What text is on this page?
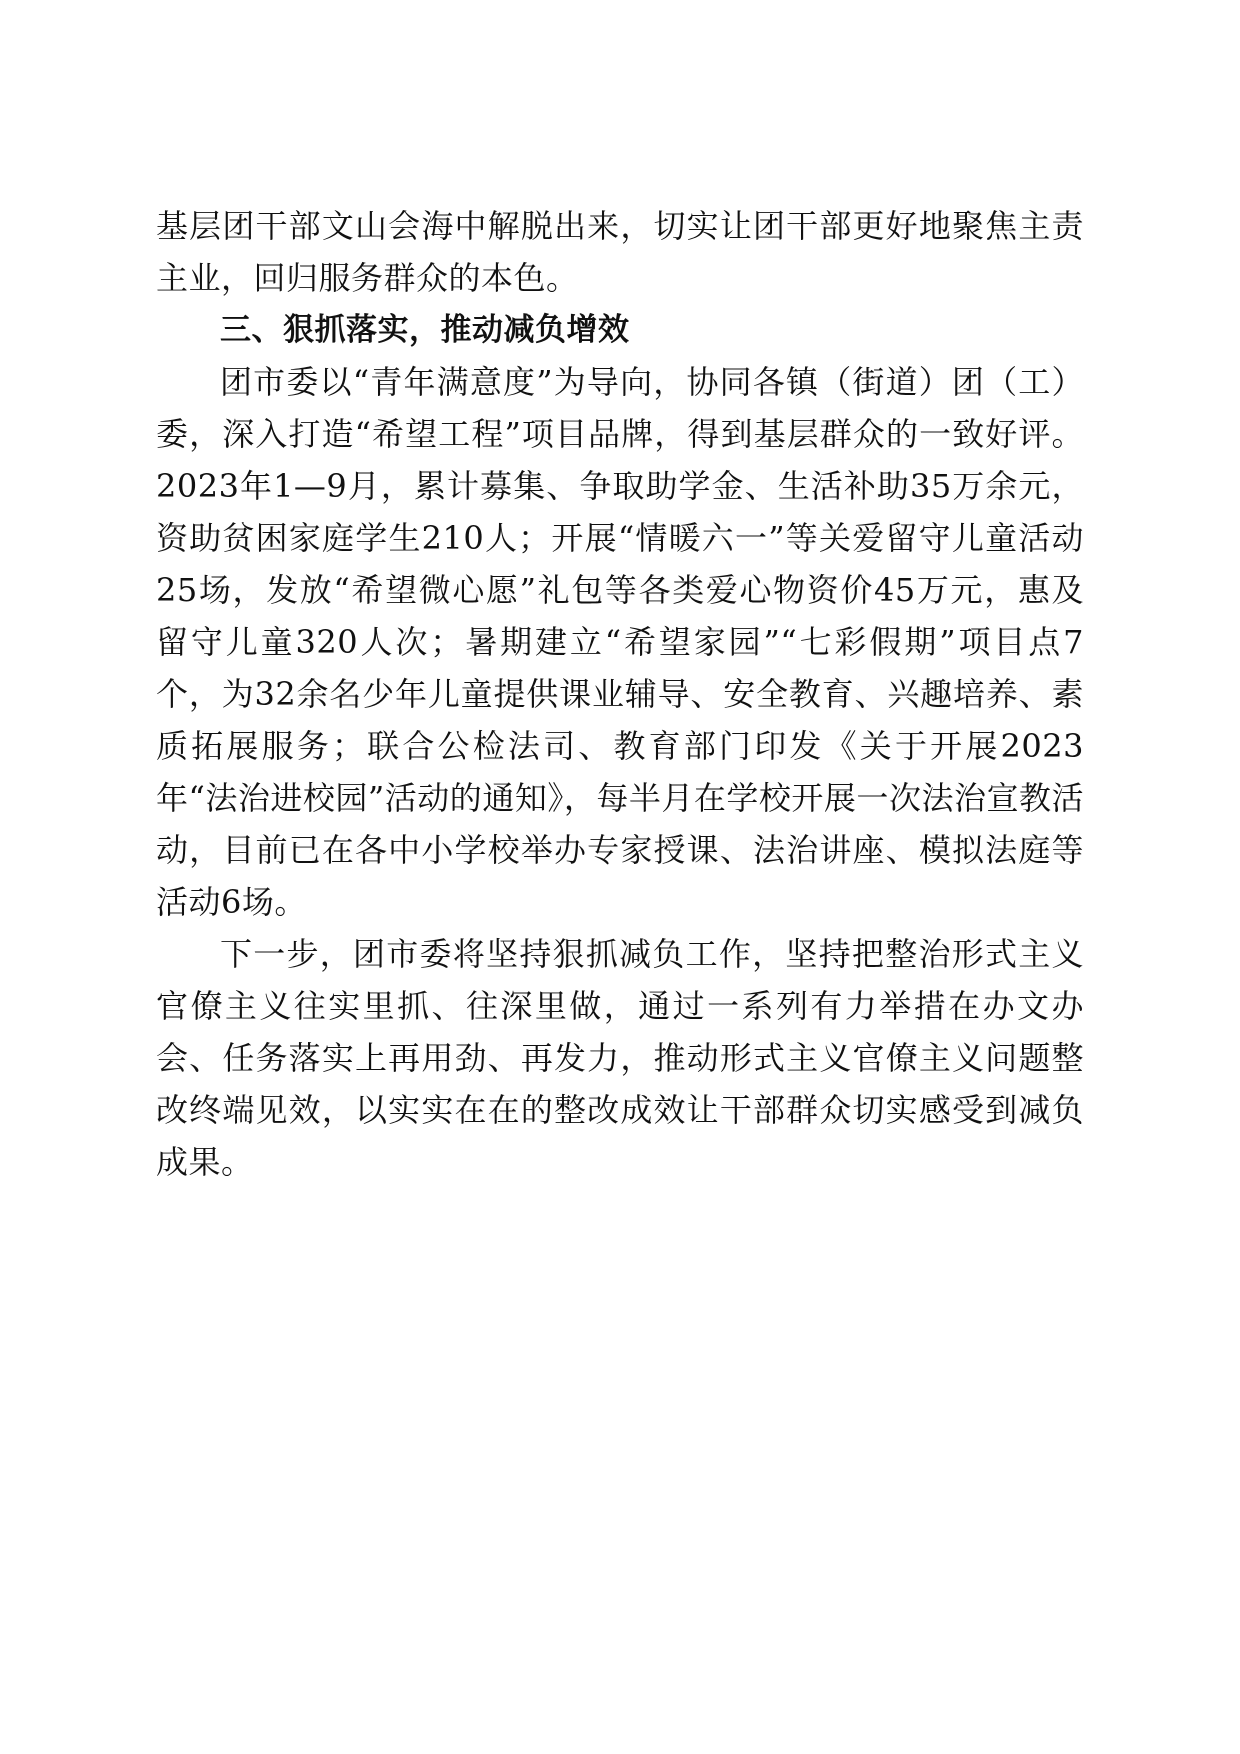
基层团干部文山会海中解脱出来，切实让团干部更好地聚焦主责主业，回归服务群众的本色。

三、狠抓落实，推动减负增效

团市委以“青年满意度”为导向，协同各镇（街道）团（工）委，深入打造“希望工程”项目品牌，得到基层群众的一致好评。2023年1—9月，累计募集、争取助学金、生活补助35万余元，资助贫困家庭学生210人；开展“情暖六一”等关爱留守儿童活动25场，发放“希望微心愿”礼包等各类爱心物资价45万元，惠及留守儿童320人次；暑期建立“希望家园”“七彩假期”项目点7个，为32余名少年儿童提供课业辅导、安全教育、兴趣培养、素质拓展服务；联合公检法司、教育部门印发《关于开展2023年“法治进校园”活动的通知》，每半月在学校开展一次法治宣教活动，目前已在各中小学校举办专家授课、法治讲座、模拟法庭等活动6场。

下一步，团市委将坚持狠抓减负工作，坚持把整治形式主义官僚主义往实里抓、往深里做，通过一系列有力举措在办文办会、任务落实上再用劲、再发力，推动形式主义官僚主义问题整改终端见效，以实实在在的整改成效让干部群众切实感受到减负成果。
